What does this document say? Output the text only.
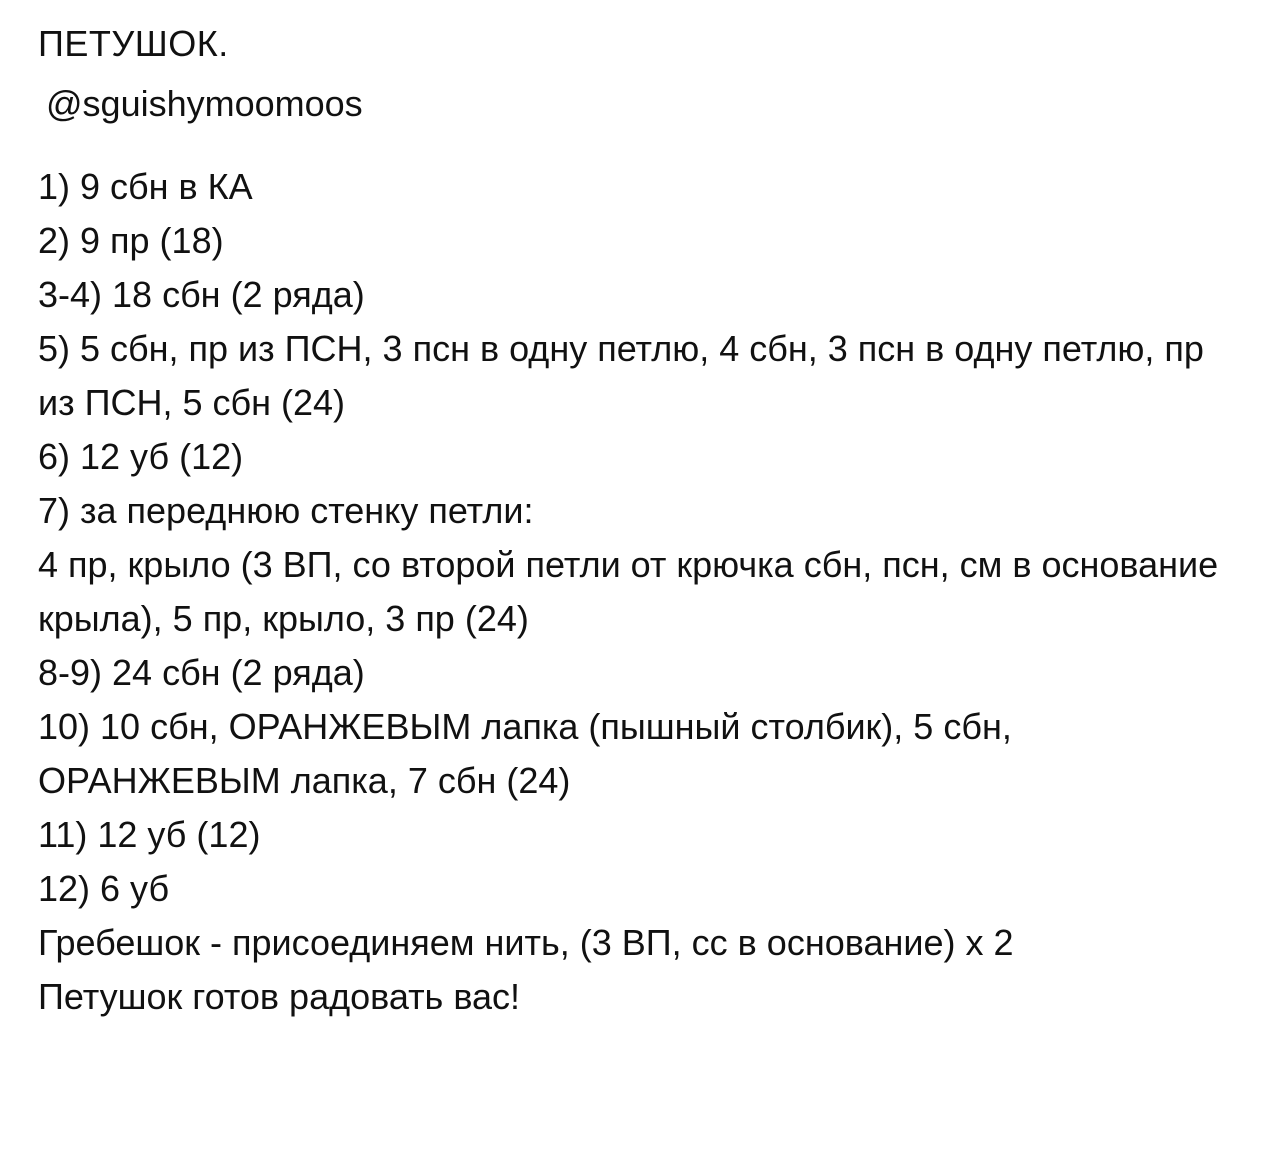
ПЕТУШОК.
@sguishymoomoos
1) 9 сбн в КА
2) 9 пр (18)
3-4) 18 сбн (2 ряда)
5) 5 сбн, пр из ПСН, 3 псн в одну петлю, 4 сбн, 3 псн в одну петлю, пр из ПСН, 5 сбн (24)
6) 12 уб (12)
7) за переднюю стенку петли:
4 пр, крыло (3 ВП, со второй петли от крючка сбн, псн, см в основание крыла), 5 пр, крыло, 3 пр (24)
8-9) 24 сбн (2 ряда)
10) 10 сбн, ОРАНЖЕВЫМ лапка (пышный столбик), 5 сбн, ОРАНЖЕВЫМ лапка, 7 сбн (24)
11) 12 уб (12)
12) 6 уб
Гребешок - присоединяем нить, (3 ВП, сс в основание) х 2
Петушок готов радовать вас!
